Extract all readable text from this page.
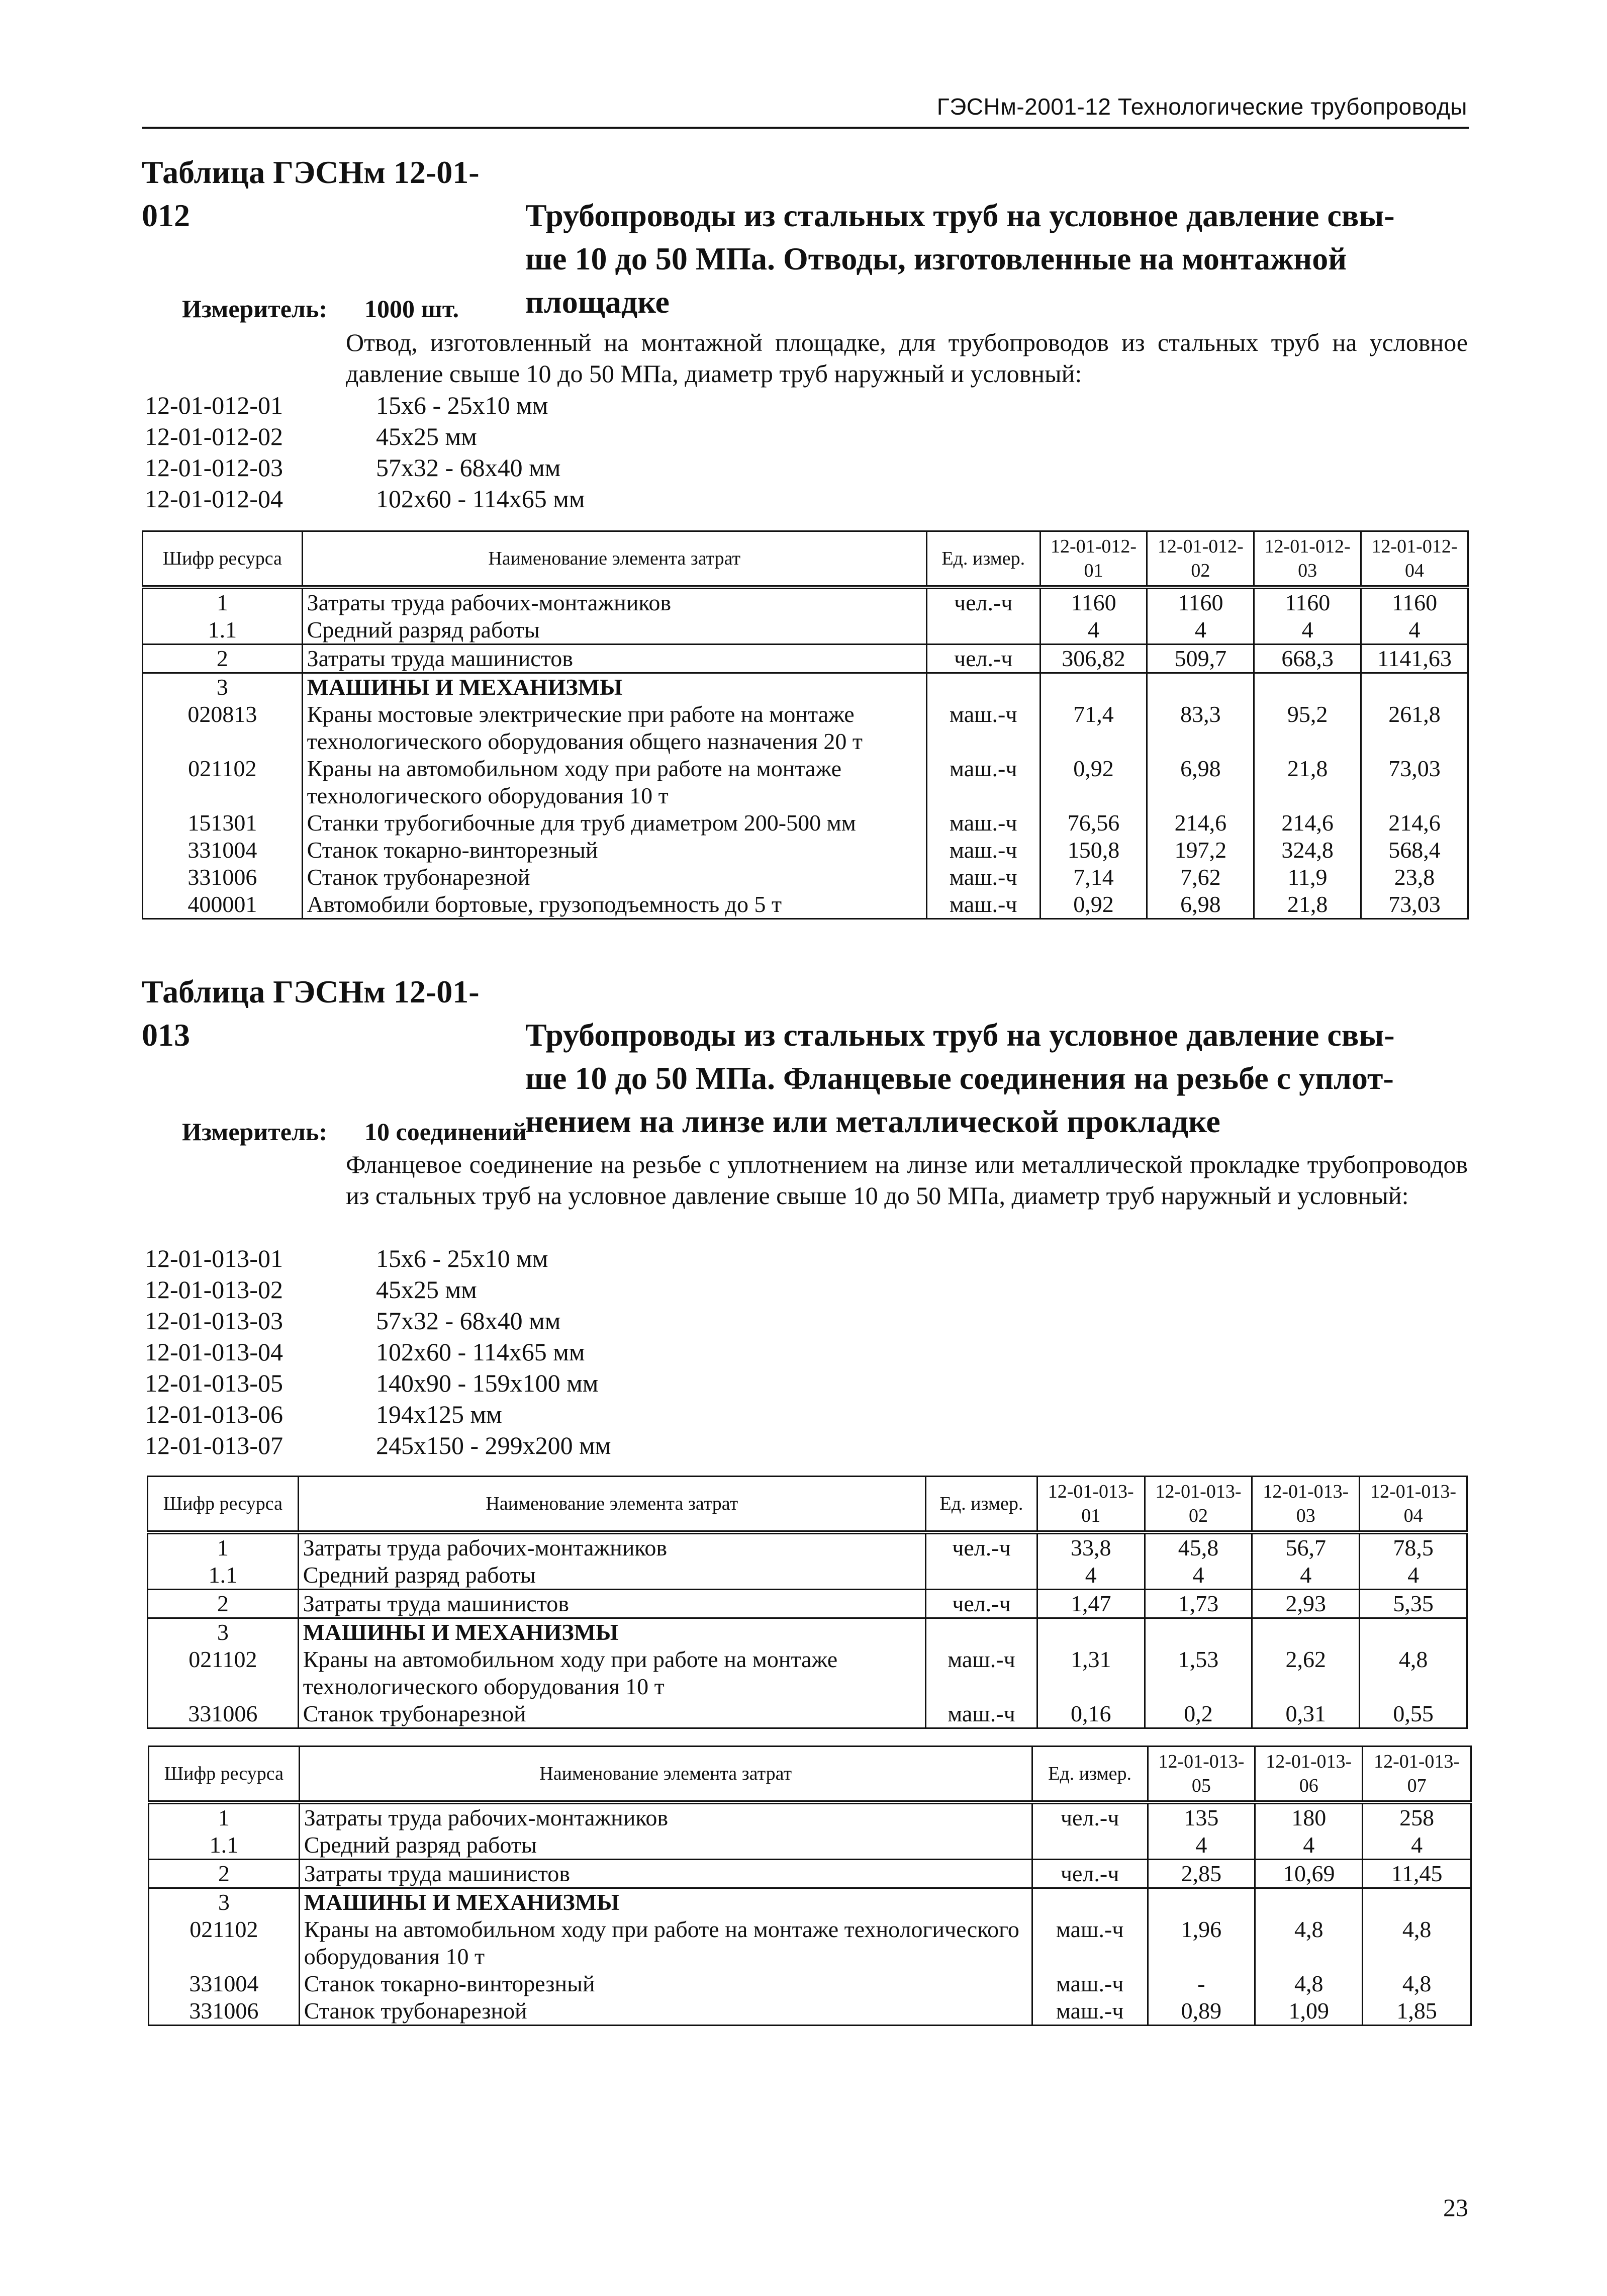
ГЭСНм-2001-12 Технологические трубопроводы
Таблица ГЭСНм 12-01-012	Трубопроводы из стальных труб на условное давление свы-
ше 10 до 50 МПа. Отводы, изготовленные на монтажной
площадке
Измеритель: 1000 шт.
Отвод, изготовленный на монтажной площадке, для трубопроводов из стальных труб на условное давление свыше 10 до 50 МПа, диаметр труб наружный и условный:
12-01-012-01	15x6 - 25x10 мм
12-01-012-02	45x25 мм
12-01-012-03	57x32 - 68x40 мм
12-01-012-04	102x60 - 114x65 мм
Шифр ресурса	Наименование элемента затрат	Ед. измер.	12-01-012-01	12-01-012-02	12-01-012-03	12-01-012-04
1	Затраты труда рабочих-монтажников	чел.-ч	1160	1160	1160	1160
1.1	Средний разряд работы		4	4	4	4
2	Затраты труда машинистов	чел.-ч	306,82	509,7	668,3	1141,63
3	МАШИНЫ И МЕХАНИЗМЫ					
020813	Краны мостовые электрические при работе на монтаже технологического оборудования общего назначения 20 т	маш.-ч	71,4	83,3	95,2	261,8
021102	Краны на автомобильном ходу при работе на монтаже технологического оборудования 10 т	маш.-ч	0,92	6,98	21,8	73,03
151301	Станки трубогибочные для труб диаметром 200-500 мм	маш.-ч	76,56	214,6	214,6	214,6
331004	Станок токарно-винторезный	маш.-ч	150,8	197,2	324,8	568,4
331006	Станок трубонарезной	маш.-ч	7,14	7,62	11,9	23,8
400001	Автомобили бортовые, грузоподъемность до 5 т	маш.-ч	0,92	6,98	21,8	73,03
Таблица ГЭСНм 12-01-013	Трубопроводы из стальных труб на условное давление свы-
ше 10 до 50 МПа. Фланцевые соединения на резьбе с уплот-
нением на линзе или металлической прокладке
Измеритель: 10 соединений
Фланцевое соединение на резьбе с уплотнением на линзе или металлической прокладке трубопроводов из стальных труб на условное давление свыше 10 до 50 МПа, диаметр труб наружный и условный:
12-01-013-01	15x6 - 25x10 мм
12-01-013-02	45x25 мм
12-01-013-03	57x32 - 68x40 мм
12-01-013-04	102x60 - 114x65 мм
12-01-013-05	140x90 - 159x100 мм
12-01-013-06	194x125 мм
12-01-013-07	245x150 - 299x200 мм
Шифр ресурса	Наименование элемента затрат	Ед. измер.	12-01-013-01	12-01-013-02	12-01-013-03	12-01-013-04
1	Затраты труда рабочих-монтажников	чел.-ч	33,8	45,8	56,7	78,5
1.1	Средний разряд работы		4	4	4	4
2	Затраты труда машинистов	чел.-ч	1,47	1,73	2,93	5,35
3	МАШИНЫ И МЕХАНИЗМЫ					
021102	Краны на автомобильном ходу при работе на монтаже технологического оборудования 10 т	маш.-ч	1,31	1,53	2,62	4,8
331006	Станок трубонарезной	маш.-ч	0,16	0,2	0,31	0,55
Шифр ресурса	Наименование элемента затрат	Ед. измер.	12-01-013-05	12-01-013-06	12-01-013-07
1	Затраты труда рабочих-монтажников	чел.-ч	135	180	258
1.1	Средний разряд работы		4	4	4
2	Затраты труда машинистов	чел.-ч	2,85	10,69	11,45
3	МАШИНЫ И МЕХАНИЗМЫ				
021102	Краны на автомобильном ходу при работе на монтаже технологического оборудования 10 т	маш.-ч	1,96	4,8	4,8
331004	Станок токарно-винторезный	маш.-ч	-	4,8	4,8
331006	Станок трубонарезной	маш.-ч	0,89	1,09	1,85
23
